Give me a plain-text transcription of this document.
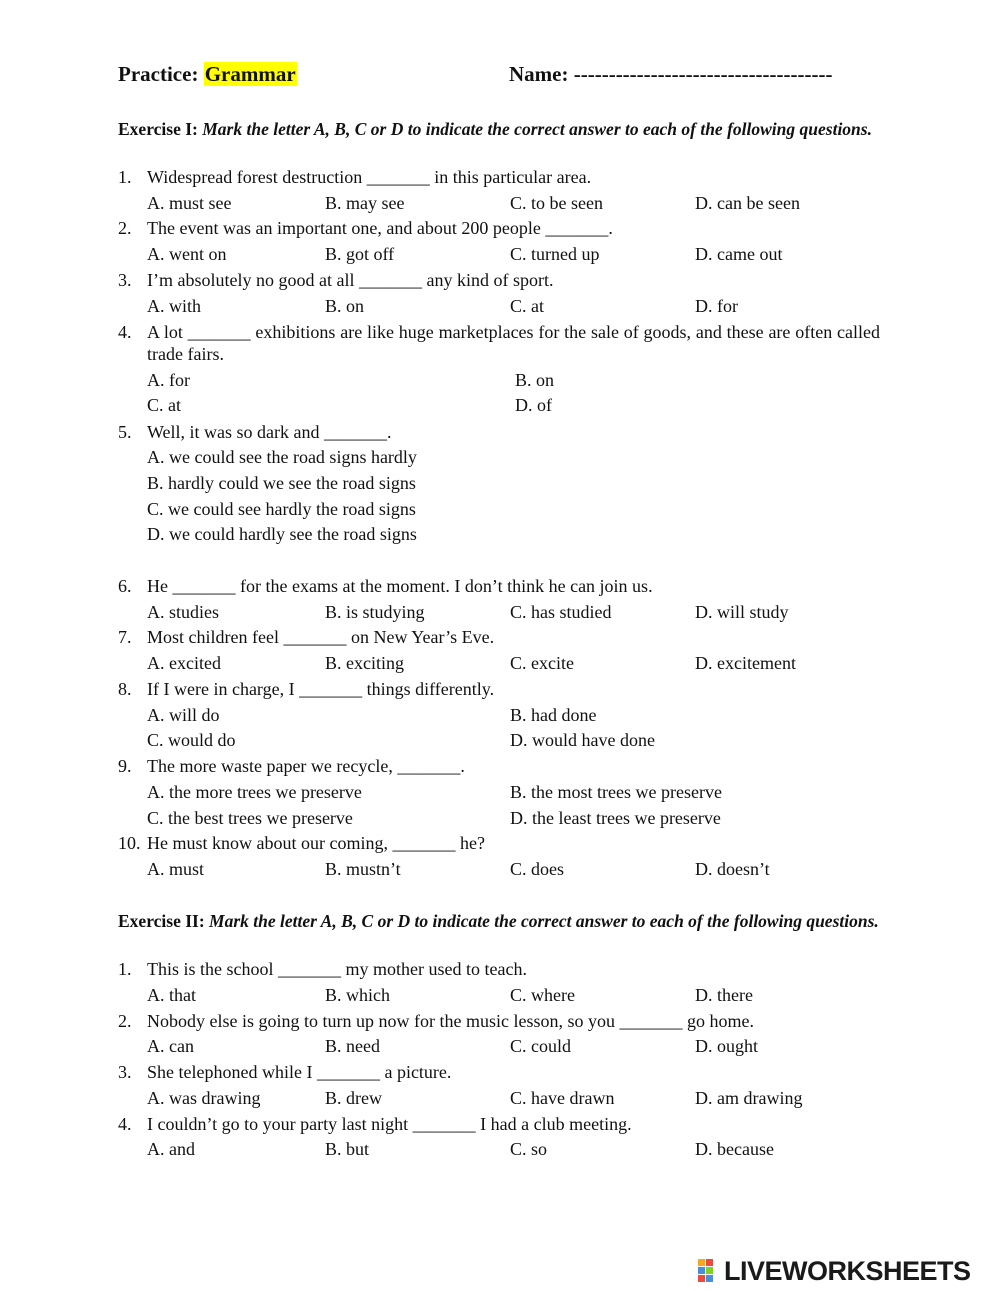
Practice: Grammar	Name: -------------------------------------
Exercise I: Mark the letter A, B, C or D to indicate the correct answer to each of the following questions.
1. Widespread forest destruction _______ in this particular area.
A. must see	B. may see	C. to be seen	D. can be seen
2. The event was an important one, and about 200 people _______.
A. went on	B. got off	C. turned up	D. came out
3. I’m absolutely no good at all _______ any kind of sport.
A. with	B. on	C. at	D. for
4. A lot _______ exhibitions are like huge marketplaces for the sale of goods, and these are often called trade fairs.
A. for	B. on
C. at	D. of
5. Well, it was so dark and _______.
A. we could see the road signs hardly
B. hardly could we see the road signs
C. we could see hardly the road signs
D. we could hardly see the road signs
6. He _______ for the exams at the moment. I don’t think he can join us.
A. studies	B. is studying	C. has studied	D. will study
7. Most children feel _______ on New Year’s Eve.
A. excited	B. exciting	C. excite	D. excitement
8. If I were in charge, I _______ things differently.
A. will do	B. had done
C. would do	D. would have done
9. The more waste paper we recycle, _______.
A. the more trees we preserve	B. the most trees we preserve
C. the best trees we preserve	D. the least trees we preserve
10. He must know about our coming, _______ he?
A. must	B. mustn’t	C. does	D. doesn’t
Exercise II: Mark the letter A, B, C or D to indicate the correct answer to each of the following questions.
1. This is the school _______ my mother used to teach.
A. that	B. which	C. where	D. there
2. Nobody else is going to turn up now for the music lesson, so you _______ go home.
A. can	B. need	C. could	D. ought
3. She telephoned while I _______ a picture.
A. was drawing	B. drew	C. have drawn	D. am drawing
4. I couldn’t go to your party last night _______ I had a club meeting.
A. and	B. but	C. so	D. because
LIVEWORKSHEETS
